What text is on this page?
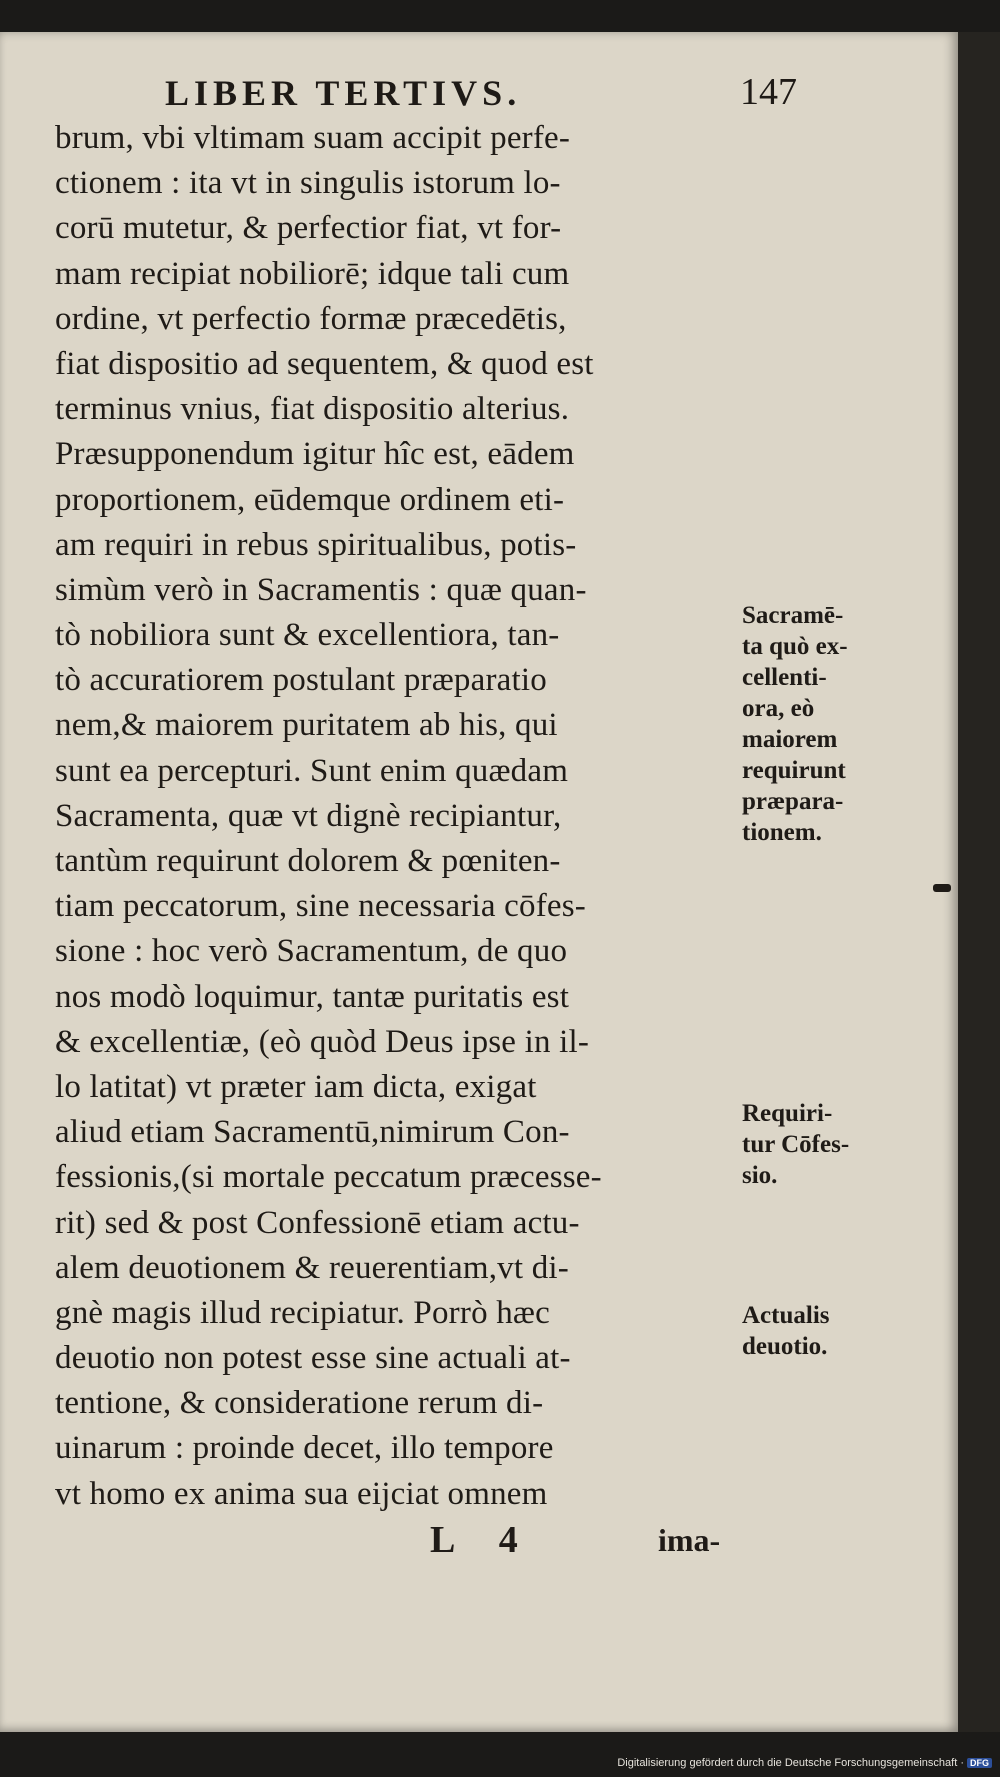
LIBER TERTIVS.	147
brum, vbi vltimam suam accipit perfe-
ctionem : ita vt in singulis istorum lo-
corū mutetur, & perfectior fiat, vt for-
mam recipiat nobiliorē; idque tali cum
ordine, vt perfectio formæ præcedētis,
fiat dispositio ad sequentem, & quod est
terminus vnius, fiat dispositio alterius.
Præsupponendum igitur hîc est, eādem
proportionem, eūdemque ordinem eti-
am requiri in rebus spiritualibus, potis-
simùm verò in Sacramentis : quæ quan-
tò nobiliora sunt & excellentiora, tan-
tò accuratiorem postulant præparatio
nem,& maiorem puritatem ab his, qui
sunt ea percepturi. Sunt enim quædam
Sacramenta, quæ vt dignè recipiantur,
tantùm requirunt dolorem & pœniten-
tiam peccatorum, sine necessaria cōfes-
sione : hoc verò Sacramentum, de quo
nos modò loquimur, tantæ puritatis est
& excellentiæ, (eò quòd Deus ipse in il-
lo latitat) vt præter iam dicta, exigat
aliud etiam Sacramentū,nimirum Con-
fessionis,(si mortale peccatum præcesse-
rit) sed & post Confessionē etiam actu-
alem deuotionem & reuerentiam,vt di-
gnè magis illud recipiatur. Porrò hæc
deuotio non potest esse sine actuali at-
tentione, & consideratione rerum di-
uinarum : proinde decet, illo tempore
vt homo ex anima sua eijciat omnem
Sacramē-
ta quò ex-
cellenti-
ora, eò
maiorem
requirunt
præpara-
tionem.
Requiri-
tur Cōfes-
sio.
Actualis
deuotio.
L 4	ima-
Digitalisierung gefördert durch die Deutsche Forschungsgemeinschaft · DFG
